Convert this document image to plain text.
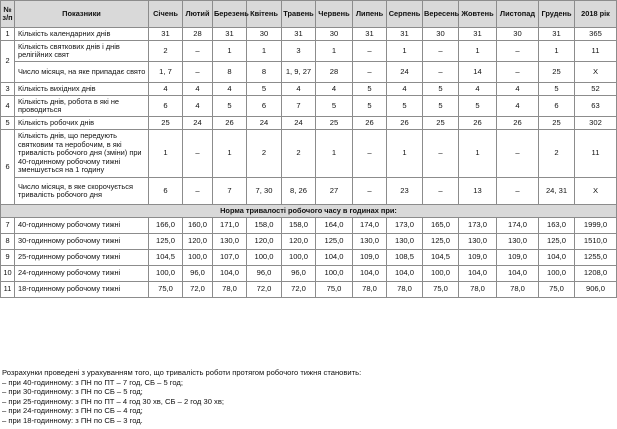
№ з/п	Показники	Січень	Лютий	Березень	Квітень	Травень	Червень	Липень	Серпень	Вересень	Жовтень	Листопад	Грудень	2018 рік
1	Кількість календарних днів	31	28	31	30	31	30	31	31	30	31	30	31	365
2	Кількість святкових днів і днів релігійних свят	2	–	1	1	3	1	–	1	–	1	–	1	11
	Число місяця, на яке припадає свято	1, 7	–	8	8	1, 9, 27	28	–	24	–	14	–	25	X
3	Кількість вихідних днів	4	4	4	5	4	4	5	4	5	4	4	5	52
4	Кількість днів, робота в які не проводиться	6	4	5	6	7	5	5	5	5	5	4	6	63
5	Кількість робочих днів	25	24	26	24	24	25	26	26	25	26	26	25	302
6	Кількість днів, що передують святковим та неробочим, в які тривалість робочого дня (зміни) при 40-годинному робочому тижні зменшується на 1 годину	1	–	1	2	2	1	–	1	–	1	–	2	11
	Число місяця, в яке скорочується тривалість робочого дня	6	–	7	7, 30	8, 26	27	–	23	–	13	–	24, 31	X
Норма тривалості робочого часу в годинах при:														
7	40-годинному робочому тижні	166,0	160,0	171,0	158,0	158,0	164,0	174,0	173,0	165,0	173,0	174,0	163,0	1999,0
8	30-годинному робочому тижні	125,0	120,0	130,0	120,0	120,0	125,0	130,0	130,0	125,0	130,0	130,0	125,0	1510,0
9	25-годинному робочому тижні	104,5	100,0	107,0	100,0	100,0	104,0	109,0	108,5	104,5	109,0	109,0	104,0	1255,0
10	24-годинному робочому тижні	100,0	96,0	104,0	96,0	96,0	100,0	104,0	104,0	100,0	104,0	104,0	100,0	1208,0
11	18-годинному робочому тижні	75,0	72,0	78,0	72,0	72,0	75,0	78,0	78,0	75,0	78,0	78,0	75,0	906,0
Розрахунки проведені з урахуванням того, що тривалість роботи протягом робочого тижня становить:
– при 40-годинному: з ПН по ПТ – 7 год, СБ – 5 год;
– при 30-годинному: з ПН по СБ – 5 год;
– при 25-годинному: з ПН по ПТ – 4 год 30 хв, СБ – 2 год 30 хв;
– при 24-годинному: з ПН по СБ – 4 год;
– при 18-годинному: з ПН по СБ – 3 год.
